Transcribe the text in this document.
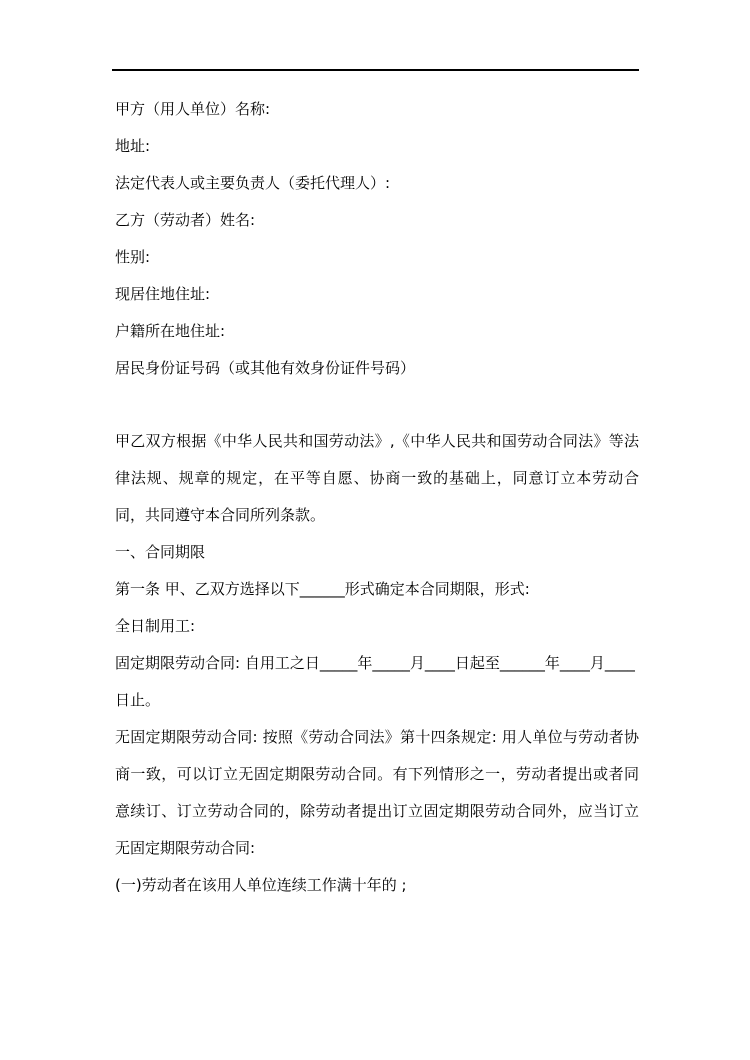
甲方（用人单位）名称:
地址:
法定代表人或主要负责人（委托代理人）:
乙方（劳动者）姓名:
性别:
现居住地住址:
户籍所在地住址:
居民身份证号码（或其他有效身份证件号码）

甲乙双方根据《中华人民共和国劳动法》,《中华人民共和国劳动合同法》等法律法规、规章的规定，在平等自愿、协商一致的基础上，同意订立本劳动合同，共同遵守本合同所列条款。

一、合同期限
第一条 甲、乙双方选择以下______形式确定本合同期限，形式:
全日制用工:
固定期限劳动合同: 自用工之日_____年_____月____日起至______年____月____
日止。

无固定期限劳动合同: 按照《劳动合同法》第十四条规定: 用人单位与劳动者协商一致，可以订立无固定期限劳动合同。有下列情形之一，劳动者提出或者同意续订、订立劳动合同的，除劳动者提出订立固定期限劳动合同外，应当订立无固定期限劳动合同:

(一)劳动者在该用人单位连续工作满十年的 ;
